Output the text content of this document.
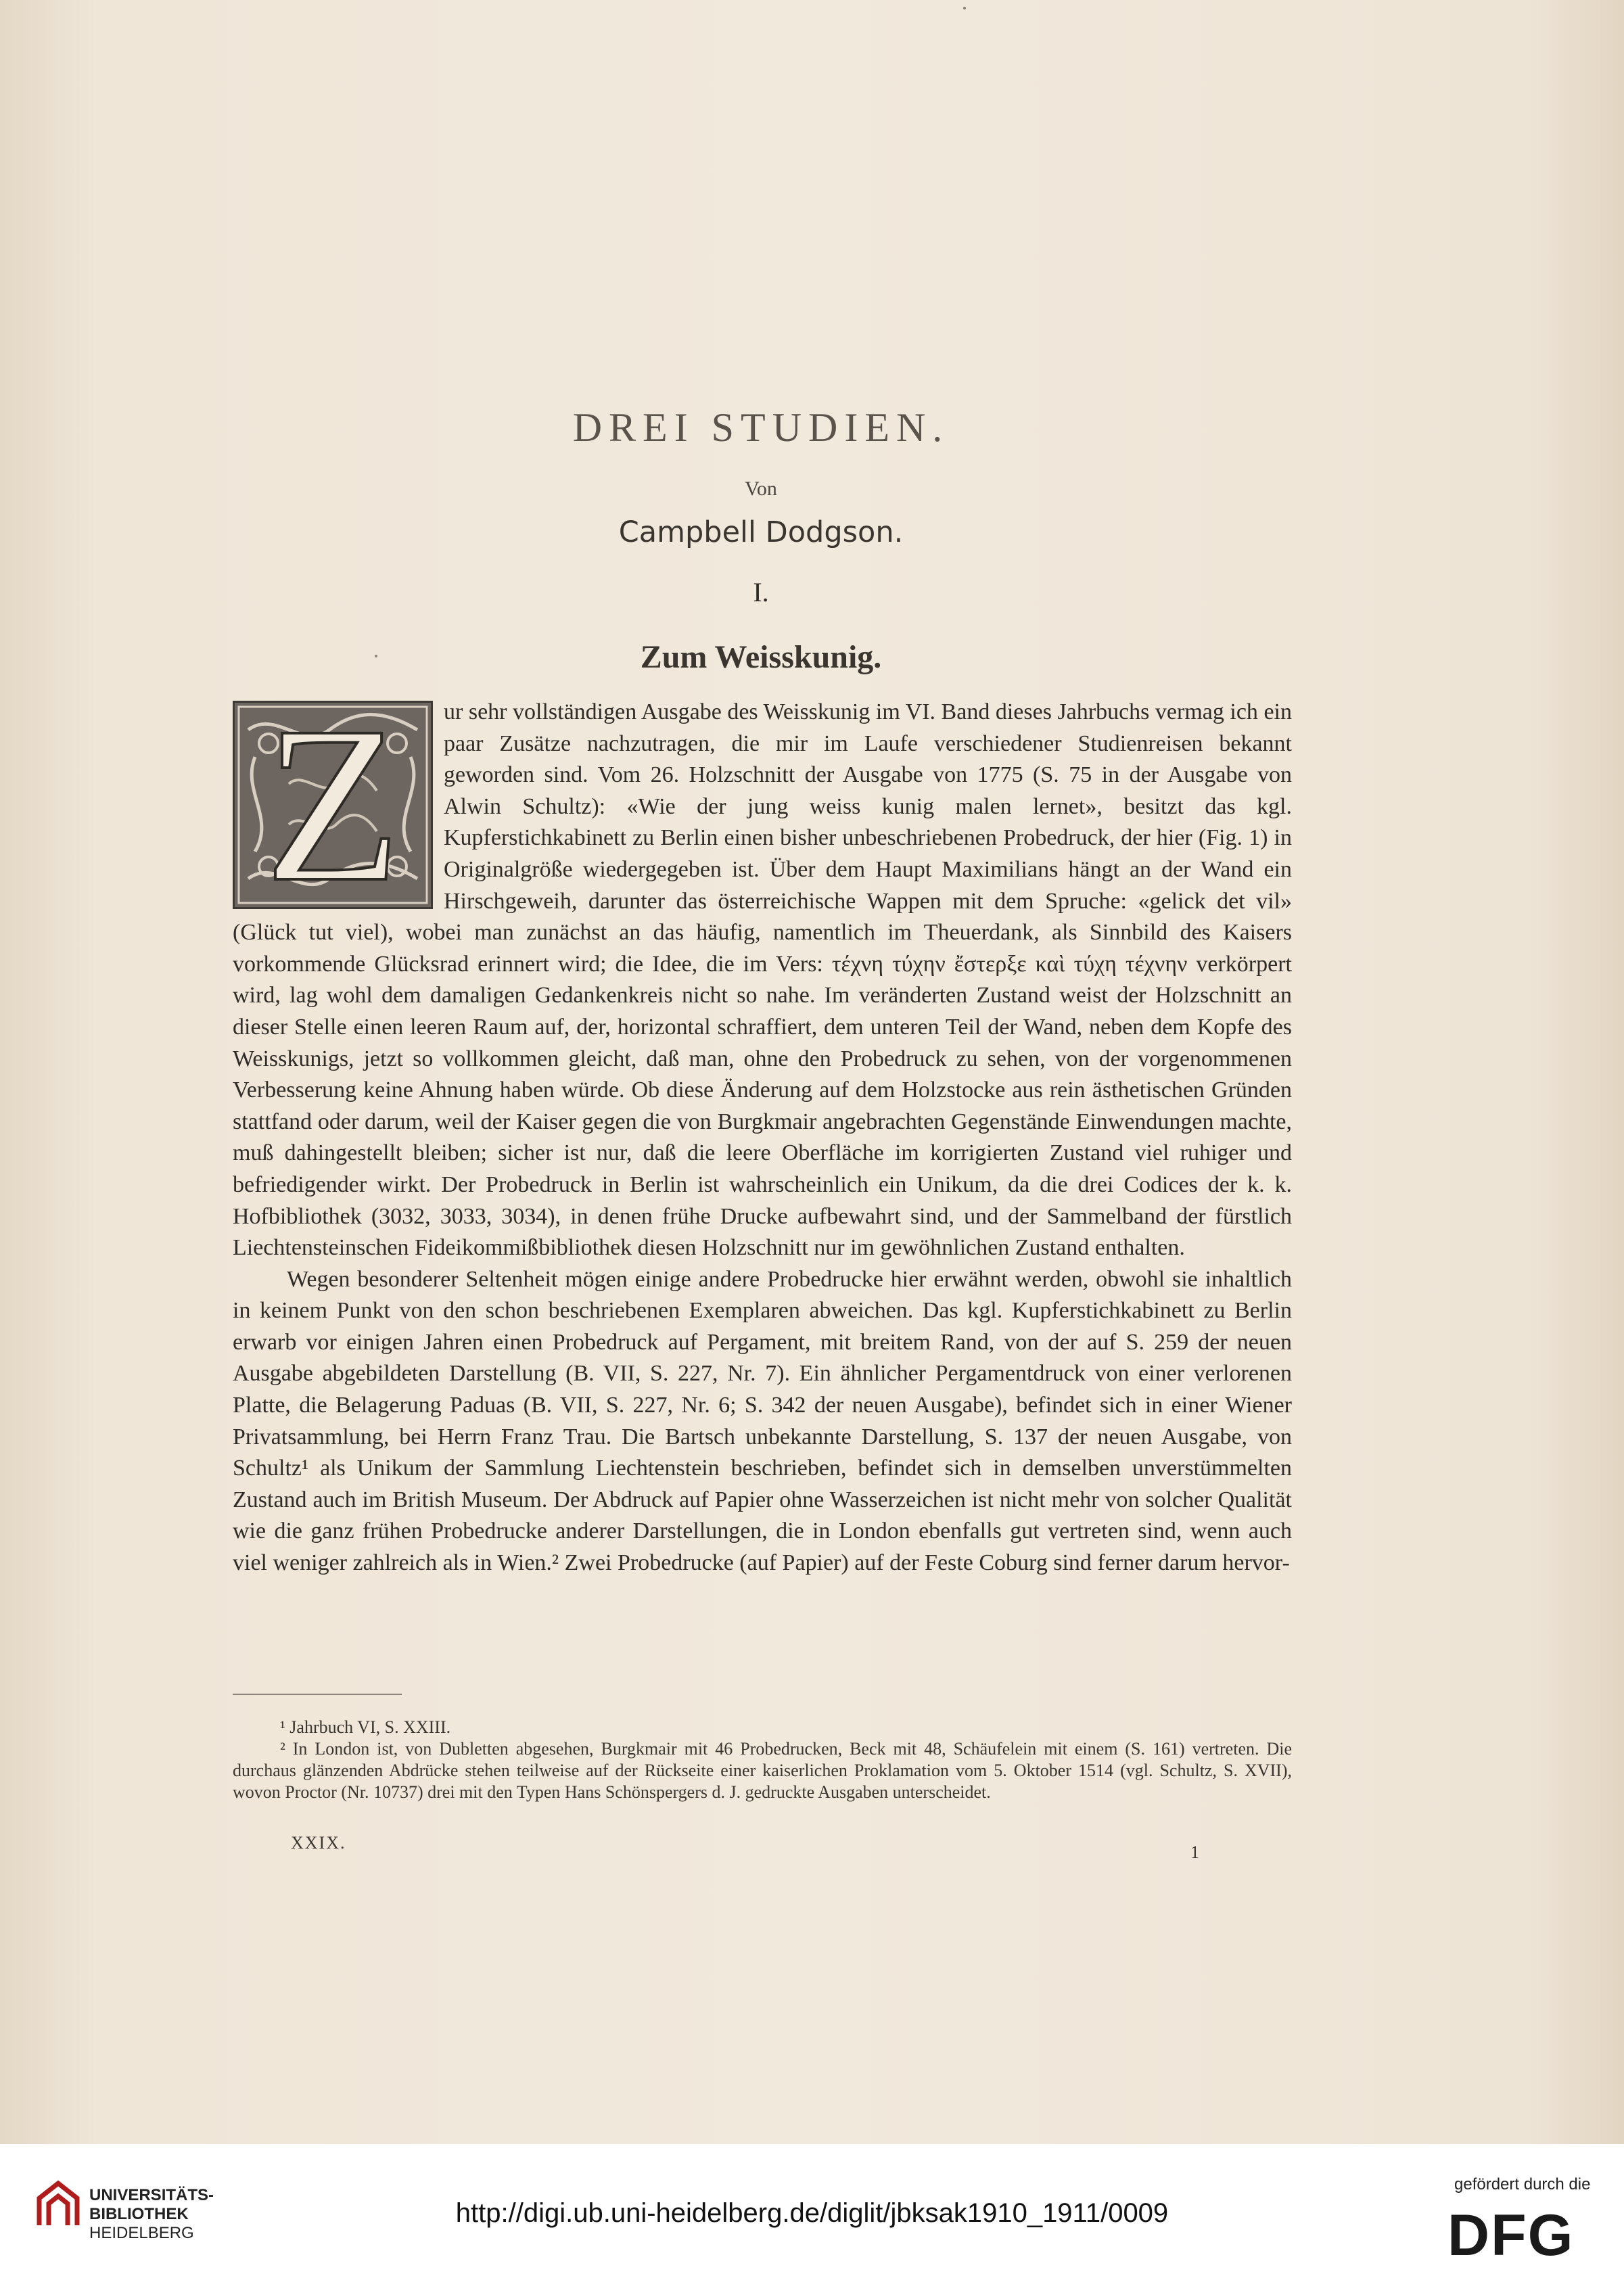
DREI STUDIEN.
Von
Campbell Dodgson.
I.
Zum Weisskunig.
Z	ur sehr vollständigen Ausgabe des Weisskunig im VI. Band dieses Jahrbuchs vermag ich ein paar Zusätze nachzutragen, die mir im Laufe verschiedener Studienreisen bekannt geworden sind. Vom 26. Holzschnitt der Ausgabe von 1775 (S. 75 in der Ausgabe von Alwin Schultz): «Wie der jung weiss kunig malen lernet», besitzt das kgl. Kupferstichkabinett zu Berlin einen bisher unbeschriebenen Probedruck, der hier (Fig. 1) in Originalgröße wiedergegeben ist. Über dem Haupt Maximilians hängt an der Wand ein Hirschgeweih, darunter das österreichische Wappen mit dem Spruche: «gelick det vil» (Glück tut viel), wobei man zunächst an das häufig, namentlich im Theuerdank, als Sinnbild des Kaisers vorkommende Glücksrad erinnert wird; die Idee, die im Vers: τέχνη τύχην ἔστερξε καὶ τύχη τέχνην verkörpert wird, lag wohl dem damaligen Gedankenkreis nicht so nahe. Im veränderten Zustand weist der Holzschnitt an dieser Stelle einen leeren Raum auf, der, horizontal schraffiert, dem unteren Teil der Wand, neben dem Kopfe des Weisskunigs, jetzt so vollkommen gleicht, daß man, ohne den Probedruck zu sehen, von der vorgenommenen Verbesserung keine Ahnung haben würde. Ob diese Änderung auf dem Holzstocke aus rein ästhetischen Gründen stattfand oder darum, weil der Kaiser gegen die von Burgkmair angebrachten Gegenstände Einwendungen machte, muß dahingestellt bleiben; sicher ist nur, daß die leere Oberfläche im korrigierten Zustand viel ruhiger und befriedigender wirkt. Der Probedruck in Berlin ist wahrscheinlich ein Unikum, da die drei Codices der k. k. Hofbibliothek (3032, 3033, 3034), in denen frühe Drucke aufbewahrt sind, und der Sammelband der fürstlich Liechtensteinschen Fideikommißbibliothek diesen Holzschnitt nur im gewöhnlichen Zustand enthalten.

Wegen besonderer Seltenheit mögen einige andere Probedrucke hier erwähnt werden, obwohl sie inhaltlich in keinem Punkt von den schon beschriebenen Exemplaren abweichen. Das kgl. Kupferstichkabinett zu Berlin erwarb vor einigen Jahren einen Probedruck auf Pergament, mit breitem Rand, von der auf S. 259 der neuen Ausgabe abgebildeten Darstellung (B. VII, S. 227, Nr. 7). Ein ähnlicher Pergamentdruck von einer verlorenen Platte, die Belagerung Paduas (B. VII, S. 227, Nr. 6; S. 342 der neuen Ausgabe), befindet sich in einer Wiener Privatsammlung, bei Herrn Franz Trau. Die Bartsch unbekannte Darstellung, S. 137 der neuen Ausgabe, von Schultz¹ als Unikum der Sammlung Liechtenstein beschrieben, befindet sich in demselben unverstümmelten Zustand auch im British Museum. Der Abdruck auf Papier ohne Wasserzeichen ist nicht mehr von solcher Qualität wie die ganz frühen Probedrucke anderer Darstellungen, die in London ebenfalls gut vertreten sind, wenn auch viel weniger zahlreich als in Wien.² Zwei Probedrucke (auf Papier) auf der Feste Coburg sind ferner darum hervor-

¹ Jahrbuch VI, S. XXIII.

² In London ist, von Dubletten abgesehen, Burgkmair mit 46 Probedrucken, Beck mit 48, Schäufelein mit einem (S. 161) vertreten. Die durchaus glänzenden Abdrücke stehen teilweise auf der Rückseite einer kaiserlichen Proklamation vom 5. Oktober 1514 (vgl. Schultz, S. XVII), wovon Proctor (Nr. 10737) drei mit den Typen Hans Schönspergers d. J. gedruckte Ausgaben unterscheidet.

XXIX.	1
UNIVERSITÄTS-
BIBLIOTHEK
HEIDELBERG
http://digi.ub.uni-heidelberg.de/diglit/jbksak1910_1911/0009
gefördert durch die
DFG
